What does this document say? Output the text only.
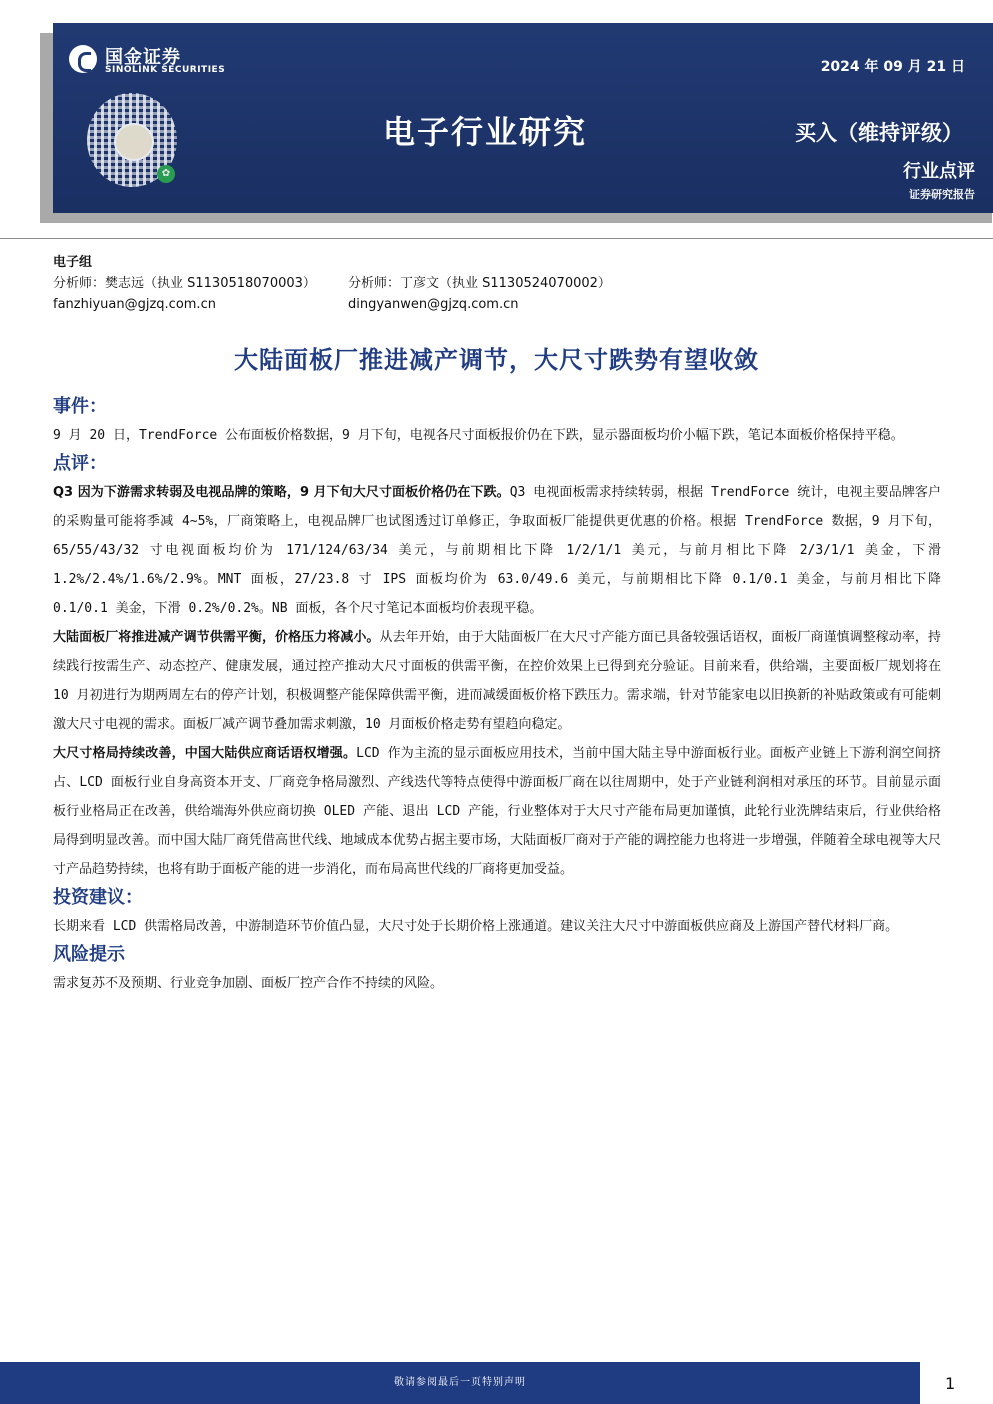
国金证券
SINOLINK SECURITIES
✿
2024 年 09 月 21 日
电子行业研究	买入（维持评级）
行业点评
证券研究报告
电子组
分析师：樊志远（执业 S1130518070003） 分析师：丁彦文（执业 S1130524070002）
fanzhiyuan@gjzq.com.cn	dingyanwen@gjzq.com.cn
大陆面板厂推进减产调节，大尺寸跌势有望收敛
事件：

9 月 20 日，TrendForce 公布面板价格数据，9 月下旬，电视各尺寸面板报价仍在下跌，显示器面板均价小幅下跌，笔记本面板价格保持平稳。

点评：

Q3 因为下游需求转弱及电视品牌的策略，9 月下旬大尺寸面板价格仍在下跌。Q3 电视面板需求持续转弱，根据 TrendForce 统计，电视主要品牌客户的采购量可能将季减 4~5%，厂商策略上，电视品牌厂也试图透过订单修正，争取面板厂能提供更优惠的价格。根据 TrendForce 数据，9 月下旬，65/55/43/32 寸电视面板均价为 171/124/63/34 美元，与前期相比下降 1/2/1/1 美元，与前月相比下降 2/3/1/1 美金，下滑 1.2%/2.4%/1.6%/2.9%。MNT 面板，27/23.8 寸 IPS 面板均价为 63.0/49.6 美元，与前期相比下降 0.1/0.1 美金，与前月相比下降 0.1/0.1 美金，下滑 0.2%/0.2%。NB 面板，各个尺寸笔记本面板均价表现平稳。

大陆面板厂将推进减产调节供需平衡，价格压力将减小。从去年开始，由于大陆面板厂在大尺寸产能方面已具备较强话语权，面板厂商谨慎调整稼动率，持续践行按需生产、动态控产、健康发展，通过控产推动大尺寸面板的供需平衡，在控价效果上已得到充分验证。目前来看，供给端，主要面板厂规划将在 10 月初进行为期两周左右的停产计划，积极调整产能保障供需平衡，进而减缓面板价格下跌压力。需求端，针对节能家电以旧换新的补贴政策或有可能刺激大尺寸电视的需求。面板厂减产调节叠加需求刺激，10 月面板价格走势有望趋向稳定。

大尺寸格局持续改善，中国大陆供应商话语权增强。LCD 作为主流的显示面板应用技术，当前中国大陆主导中游面板行业。面板产业链上下游利润空间挤占、LCD 面板行业自身高资本开支、厂商竞争格局激烈、产线迭代等特点使得中游面板厂商在以往周期中，处于产业链利润相对承压的环节。目前显示面板行业格局正在改善，供给端海外供应商切换 OLED 产能、退出 LCD 产能，行业整体对于大尺寸产能布局更加谨慎，此轮行业洗牌结束后，行业供给格局得到明显改善。而中国大陆厂商凭借高世代线、地域成本优势占据主要市场，大陆面板厂商对于产能的调控能力也将进一步增强，伴随着全球电视等大尺寸产品趋势持续，也将有助于面板产能的进一步消化，而布局高世代线的厂商将更加受益。

投资建议：

长期来看 LCD 供需格局改善，中游制造环节价值凸显，大尺寸处于长期价格上涨通道。建议关注大尺寸中游面板供应商及上游国产替代材料厂商。

风险提示

需求复苏不及预期、行业竞争加剧、面板厂控产合作不持续的风险。

敬请参阅最后一页特别声明	1
